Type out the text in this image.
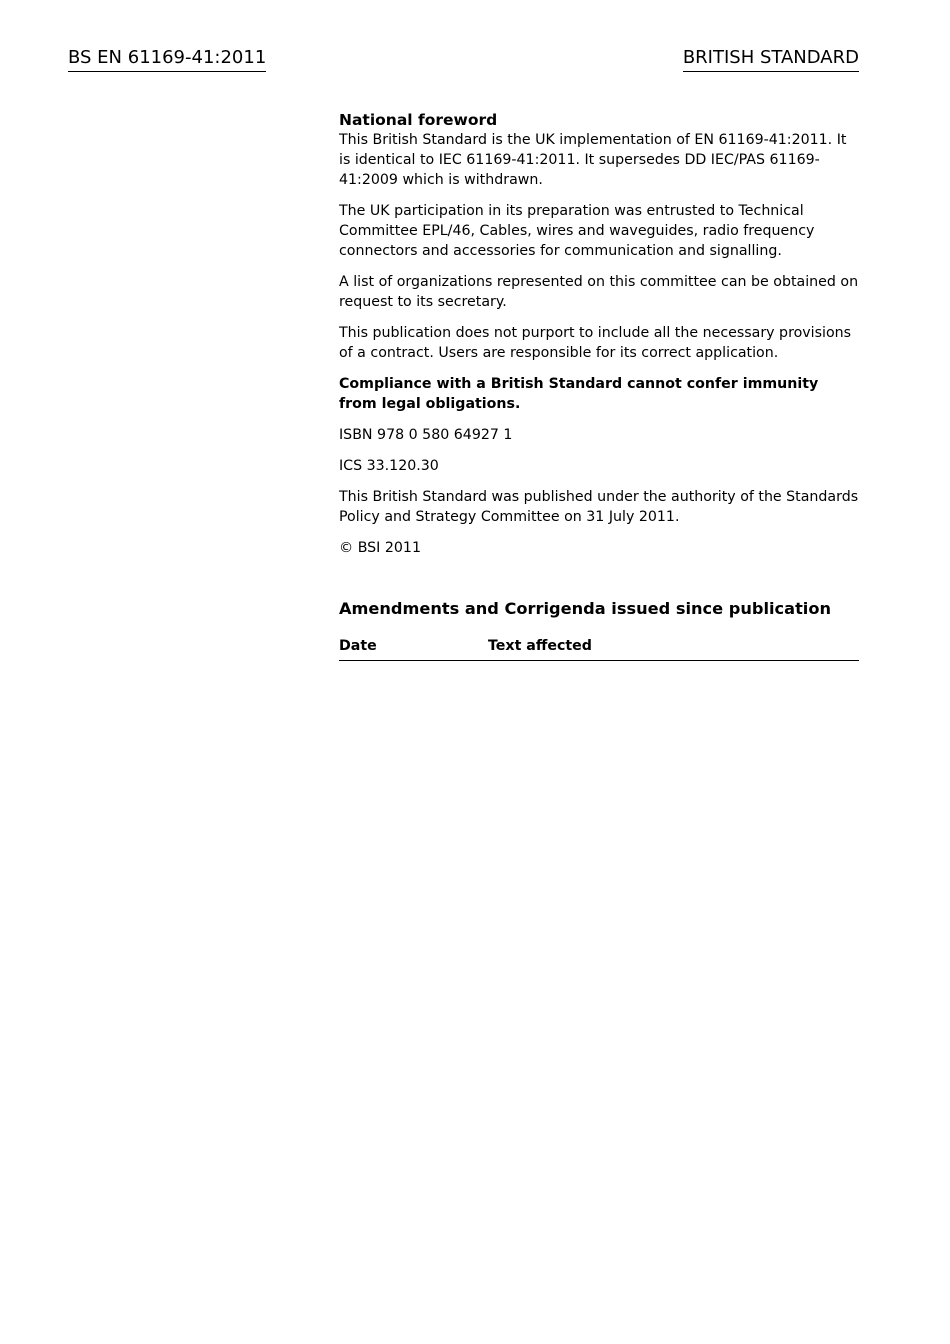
BS EN 61169-41:2011	BRITISH STANDARD
National foreword

This British Standard is the UK implementation of EN 61169-41:2011. It is identical to IEC 61169-41:2011. It supersedes DD IEC/PAS 61169-41:2009 which is withdrawn.

The UK participation in its preparation was entrusted to Technical Committee EPL/46, Cables, wires and waveguides, radio frequency connectors and accessories for communication and signalling.

A list of organizations represented on this committee can be obtained on request to its secretary.

This publication does not purport to include all the necessary provisions of a contract. Users are responsible for its correct application.

Compliance with a British Standard cannot confer immunity from legal obligations.

ISBN 978 0 580 64927 1

ICS 33.120.30

This British Standard was published under the authority of the Standards Policy and Strategy Committee on 31 July 2011.

© BSI 2011

Amendments and Corrigenda issued since publication
Date	Text affected
